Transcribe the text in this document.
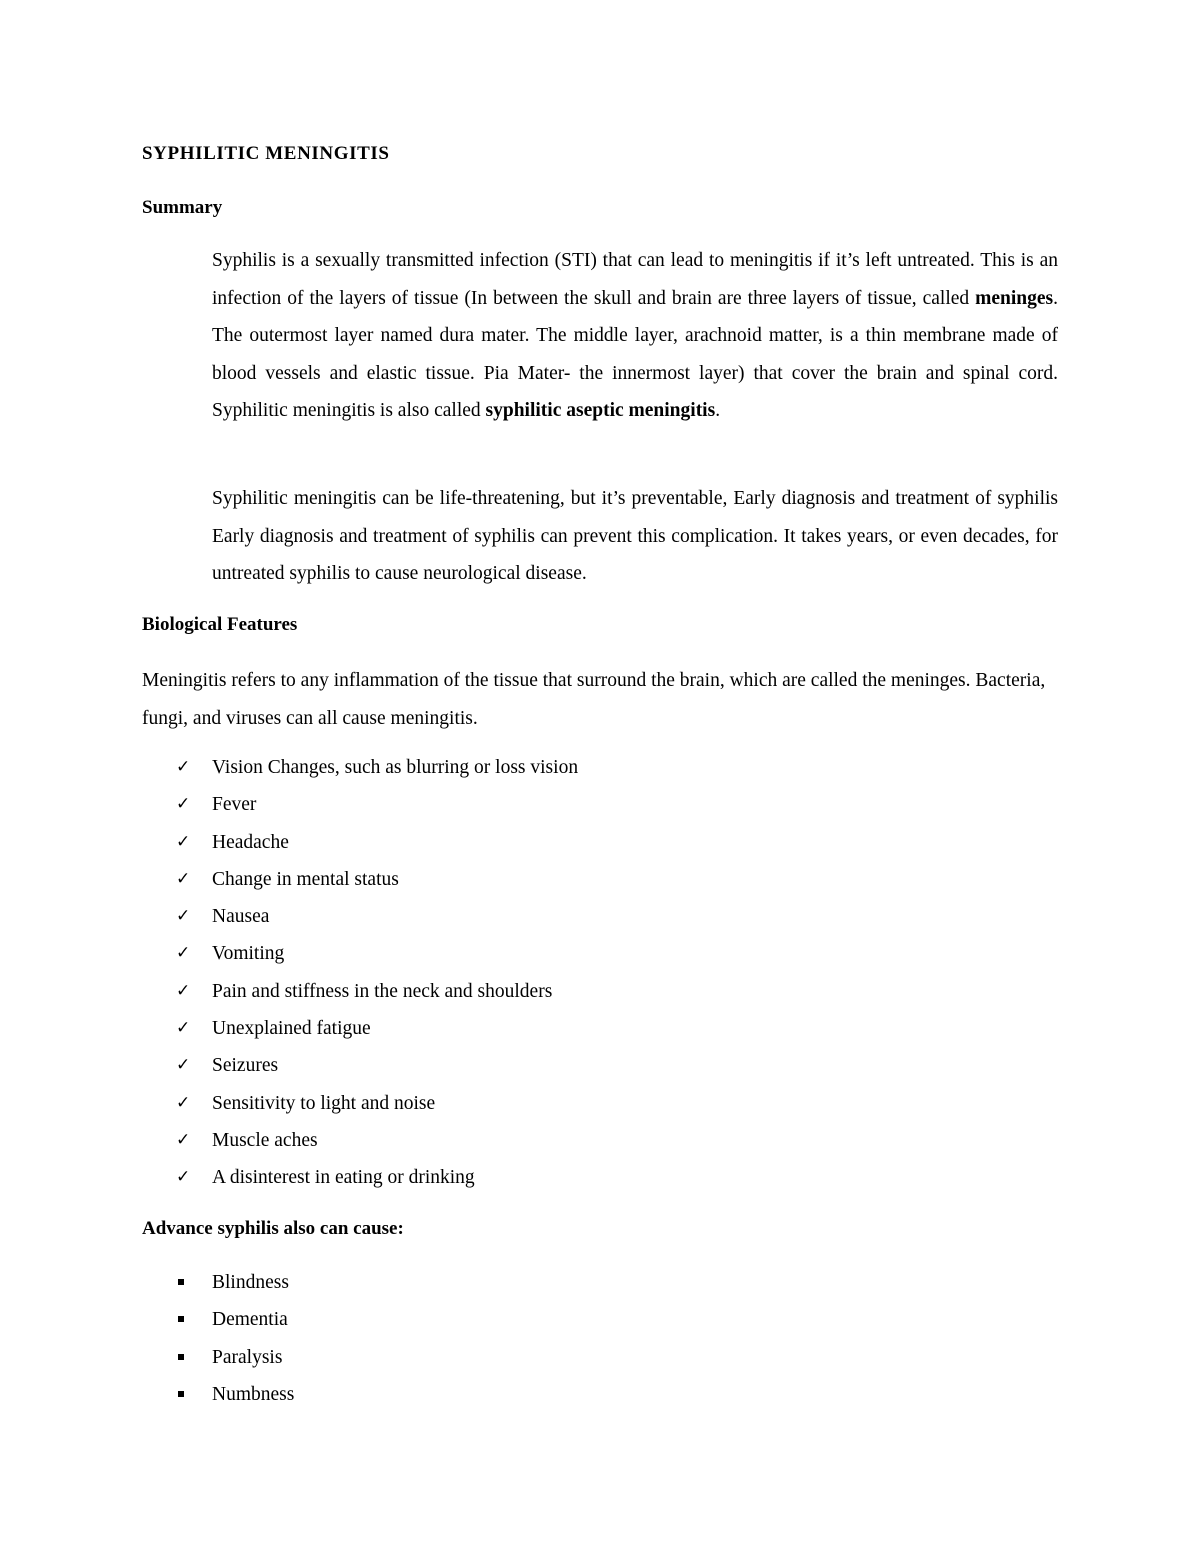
SYPHILITIC MENINGITIS
Summary

Syphilis is a sexually transmitted infection (STI) that can lead to meningitis if it’s left untreated. This is an infection of the layers of tissue (In between the skull and brain are three layers of tissue, called meninges. The outermost layer named dura mater. The middle layer, arachnoid matter, is a thin membrane made of blood vessels and elastic tissue. Pia Mater- the innermost layer) that cover the brain and spinal cord. Syphilitic meningitis is also called syphilitic aseptic meningitis.

Syphilitic meningitis can be life-threatening, but it’s preventable, Early diagnosis and treatment of syphilis Early diagnosis and treatment of syphilis can prevent this complication. It takes years, or even decades, for untreated syphilis to cause neurological disease.

Biological Features

Meningitis refers to any inflammation of the tissue that surround the brain, which are called the meninges. Bacteria, fungi, and viruses can all cause meningitis.

✓ Vision Changes, such as blurring or loss vision
✓ Fever
✓ Headache
✓ Change in mental status
✓ Nausea
✓ Vomiting
✓ Pain and stiffness in the neck and shoulders
✓ Unexplained fatigue
✓ Seizures
✓ Sensitivity to light and noise
✓ Muscle aches
✓ A disinterest in eating or drinking
Advance syphilis also can cause:
Blindness
Dementia
Paralysis
Numbness
